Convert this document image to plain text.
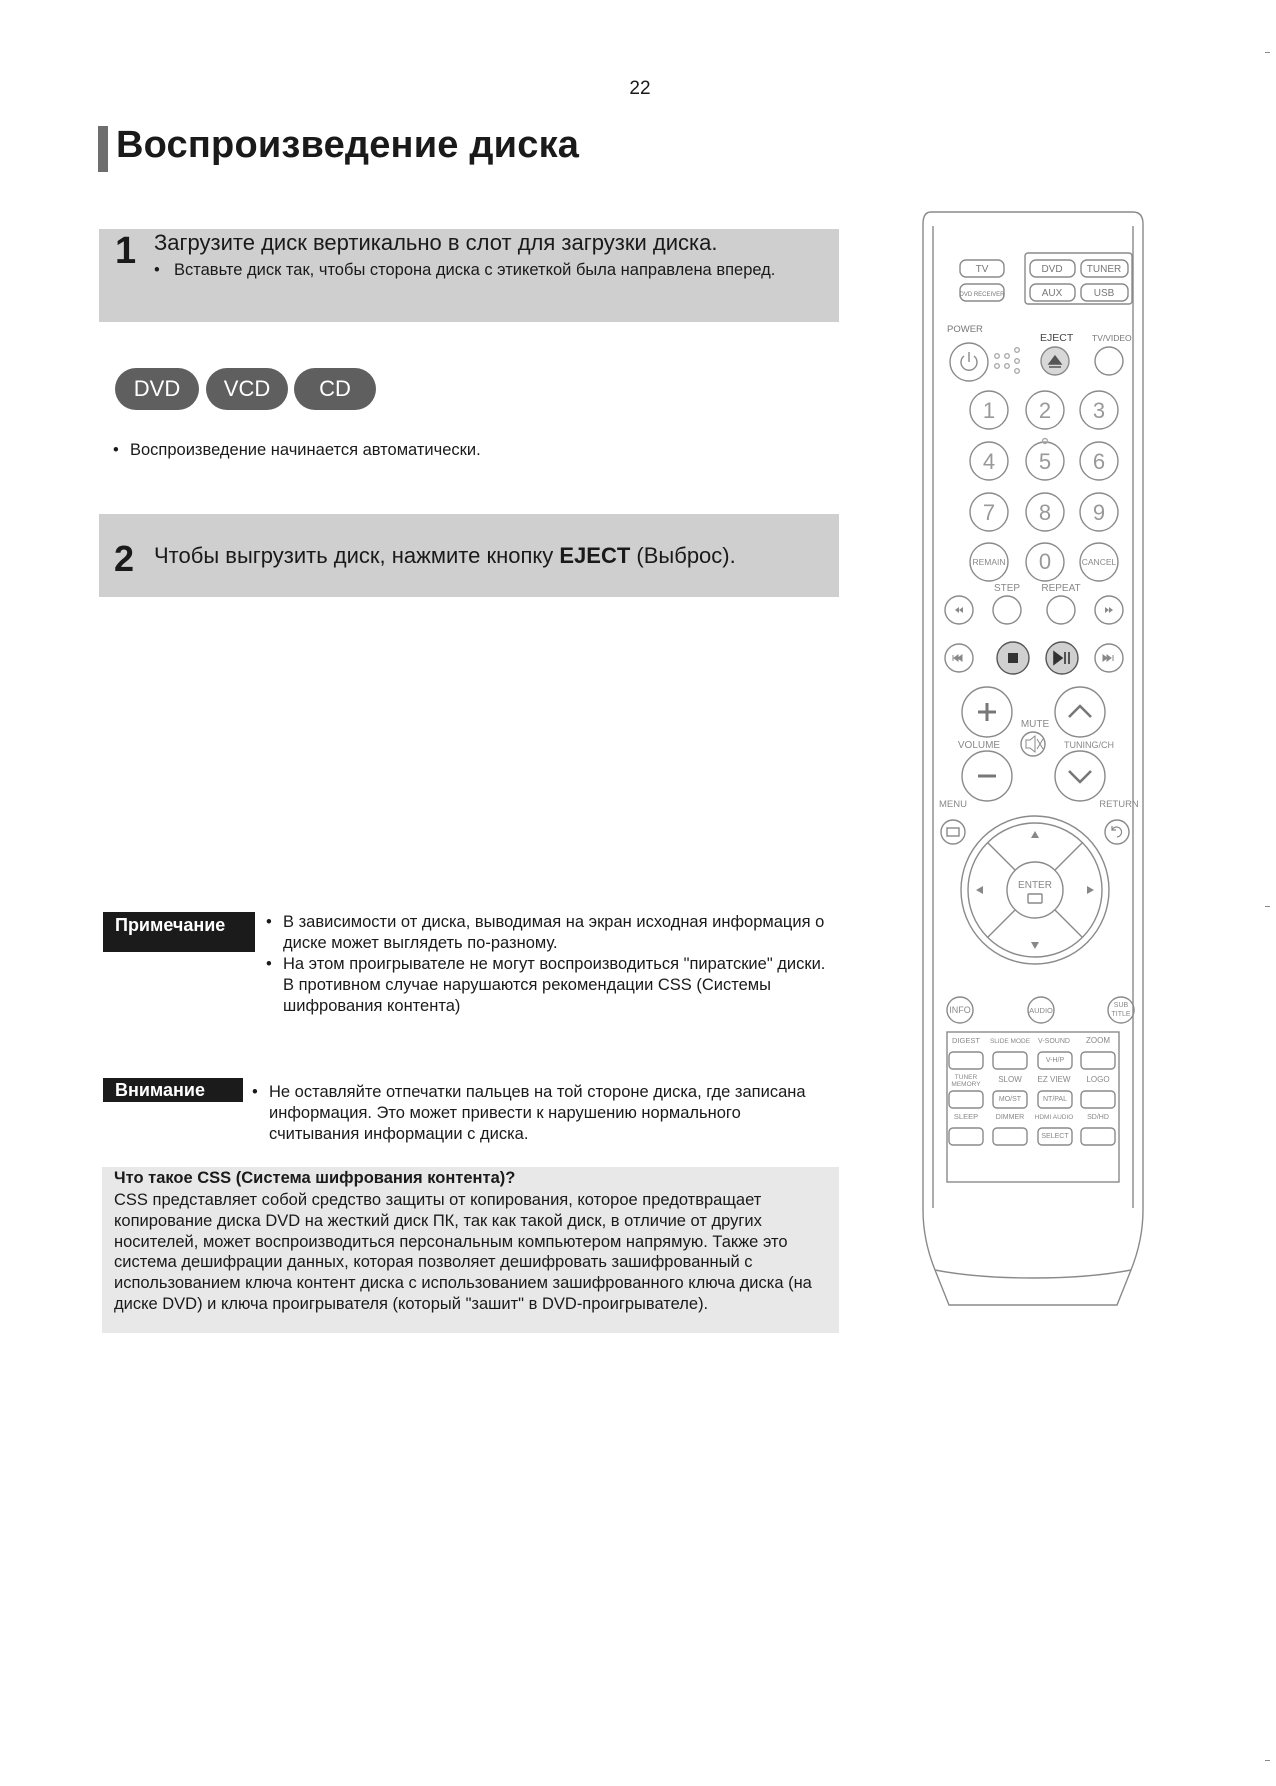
22
Воспроизведение диска
1 Загрузите диск вертикально в слот для загрузки диска.
• Вставьте диск так, чтобы сторона диска с этикеткой была направлена вперед.
DVD	VCD	CD
• Воспроизведение начинается автоматически.
2 Чтобы выгрузить диск, нажмите кнопку EJECT (Выброс).
Примечание	• В зависимости от диска, выводимая на экран исходная информация о диске может выглядеть по-разному.
• На этом проигрывателе не могут воспроизводиться "пиратские" диски. В противном случае нарушаются рекомендации CSS (Системы шифрования контента)
Внимание	• Не оставляйте отпечатки пальцев на той стороне диска, где записана информация. Это может привести к нарушению нормального считывания информации с диска.
Что такое CSS (Система шифрования контента)?
CSS представляет собой средство защиты от копирования, которое предотвращает копирование диска DVD на жесткий диск ПК, так как такой диск, в отличие от других носителей, может воспроизводиться персональным компьютером напрямую. Также это система дешифрации данных, которая позволяет дешифровать зашифрованный с использованием ключа контент диска с использованием зашифрованного ключа диска (на диске DVD) и ключа проигрывателя (который "зашит" в DVD-проигрывателе).
TV	DVD TUNER
DVD RECEIVER	AUX	USB
POWER
EJECT TV/VIDEO
1 2 3
4 5 6
7 8 9
0
REMAIN	CANCEL
STEP REPEAT
MUTE
VOLUME	TUNING/CH
MENU	RETURN
ENTER
INFO	AUDIO
SUB
TITLE
DIGEST SLIDE MODE V-SOUND ZOOM
V-H/P
TUNER
MEMORY
SLOW EZ VIEW LOGO
MO/ST	NT/PAL
SLEEP	DIMMER HDMI AUDIO SD/HD
SELECT
